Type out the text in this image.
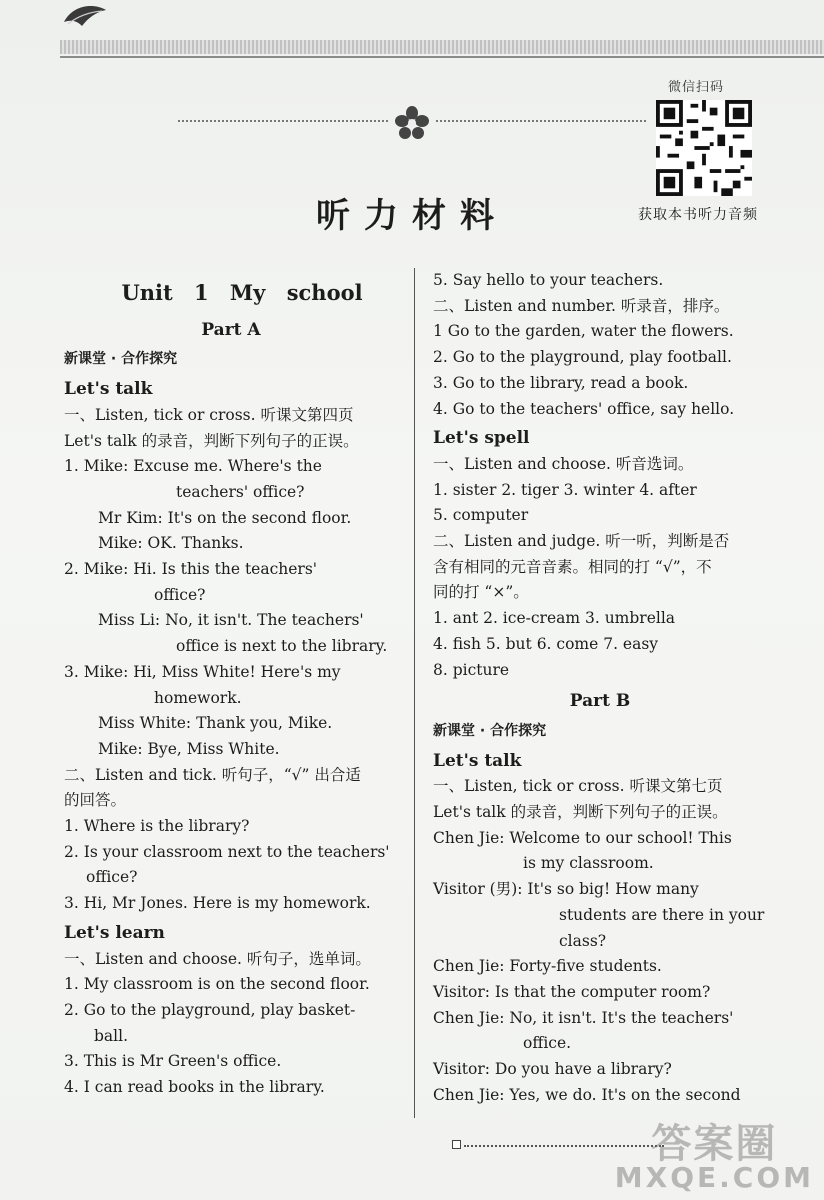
微信扫码
获取本书听力音频
听力材料
Unit 1 My school
Part A
新课堂 · 合作探究
Let's talk
一、Listen, tick or cross. 听课文第四页
Let's talk 的录音，判断下列句子的正误。
1. Mike: Excuse me. Where's the
teachers' office?
Mr Kim: It's on the second floor.
Mike: OK. Thanks.
2. Mike: Hi. Is this the teachers'
office?
Miss Li: No, it isn't. The teachers'
office is next to the library.
3. Mike: Hi, Miss White! Here's my
homework.
Miss White: Thank you, Mike.
Mike: Bye, Miss White.
二、Listen and tick. 听句子，“√” 出合适
的回答。
1. Where is the library?
2. Is your classroom next to the teachers'
office?
3. Hi, Mr Jones. Here is my homework.
Let's learn
一、Listen and choose. 听句子，选单词。
1. My classroom is on the second floor.
2. Go to the playground, play basket-
ball.
3. This is Mr Green's office.
4. I can read books in the library.
5. Say hello to your teachers.
二、Listen and number. 听录音，排序。
1 Go to the garden, water the flowers.
2. Go to the playground, play football.
3. Go to the library, read a book.
4. Go to the teachers' office, say hello.
Let's spell
一、Listen and choose. 听音选词。
1. sister 2. tiger 3. winter 4. after
5. computer
二、Listen and judge. 听一听，判断是否
含有相同的元音音素。相同的打 “√”，不
同的打 “×”。
1. ant 2. ice-cream 3. umbrella
4. fish 5. but 6. come 7. easy
8. picture
Part B
新课堂 · 合作探究
Let's talk
一、Listen, tick or cross. 听课文第七页
Let's talk 的录音，判断下列句子的正误。
Chen Jie: Welcome to our school! This
is my classroom.
Visitor (男): It's so big! How many
students are there in your
class?
Chen Jie: Forty-five students.
Visitor: Is that the computer room?
Chen Jie: No, it isn't. It's the teachers'
office.
Visitor: Do you have a library?
Chen Jie: Yes, we do. It's on the second
答案圈
MXQE.COM
